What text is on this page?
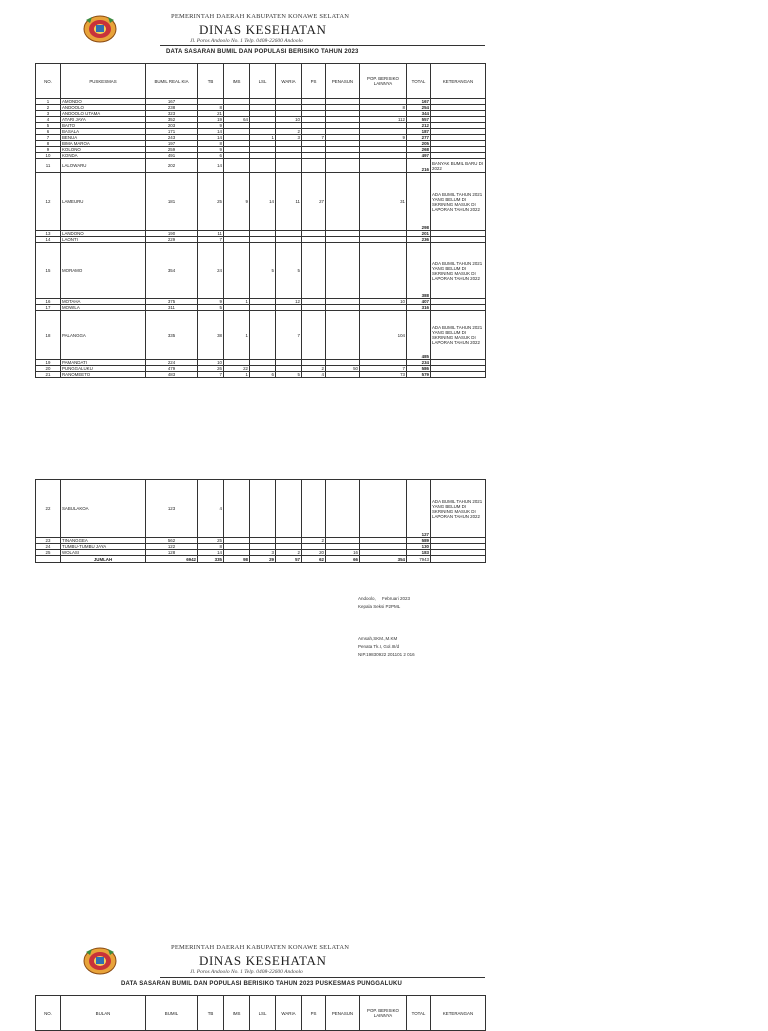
PEMERINTAH DAERAH KABUPATEN KONAWE SELATAN
DINAS KESEHATAN
Jl. Poros Andoolo No. 1 Telp. 0408-22600 Andoolo
DATA SASARAN BUMIL DAN POPULASI BERISIKO TAHUN 2023
NO.	PUSKESMAS	BUMIL REAL KIA	TB	IMS	LSL	WARIA	PS	PENASUN	POP. BERISIKO LAINNYA	TOTAL	KETERANGAN
1	AMONDO	167								167	
2	ANDOOLO	238	8						8	254	
3	ANDOOLO UTAMA	323	21							344	
4	ATARI JAYA	352	19	64		10			112	557	
5	BAITO	203	9							212	
6	BASALA	171	14			2				187	
7	BENUA	243	14		1	3	7		9	277	
8	BIMA MAROA	197	8							205	
9	KOLONO	259	9							268	
10	KONDA	491	6							497	
11	LALOWARU	202	14							216	BANYAK BUMIL BARU DI 2022
12	LAMEURU	181	25	9	14	11	27		31	298	ADA BUMIL TAHUN 2021 YANG BELUM DI SKRINING MASUK DI LAPORAN TAHUN 2022
13	LANDONO	190	11							201	
14	LAONTI	229	7							236	
15	MORAMO	354	24		5	5				388	ADA BUMIL TAHUN 2021 YANG BELUM DI SKRINING MASUK DI LAPORAN TAHUN 2022
16	MOTAHA	375	9	1		12			10	407	
17	MOWILA	311	5							316	
18	PALANGGA	335	38	1		7			104	485	ADA BUMIL TAHUN 2021 YANG BELUM DI SKRINING MASUK DI LAPORAN TAHUN 2022
19	PAMANDATI	224	10							234	
20	PUNGGALUKU	479	26	22			2	50	7	586	
21	RANOMEETO	483	7	1	6	5	4		73	579	
22	SABULAKOA	123	4							127	ADA BUMIL TAHUN 2021 YANG BELUM DI SKRINING MASUK DI LAPORAN TAHUN 2022
23	TINANGGEA	562	25				2			589	
24	TUMBU-TUMBU JAYA	122	8							130	
25	WOLASI	128	14		3	2	20	16		183	
	JUMLAH	6942	335	98	29	57	62	66	354	7943	
Andoolo,     Februari 2023
Kepala Seksi P2PML
Amsah,SKM.,M.KM
Penata Tk.I, Gol.III/d
NIP.19830922 201101 2 016
PEMERINTAH DAERAH KABUPATEN KONAWE SELATAN
DINAS KESEHATAN
Jl. Poros Andoolo No. 1 Telp. 0408-22600 Andoolo
DATA SASARAN BUMIL DAN POPULASI BERISIKO TAHUN 2023 PUSKESMAS PUNGGALUKU
NO.	BULAN	BUMIL	TB	IMS	LSL	WARIA	PS	PENASUN	POP. BERISIKO LAINNYA	TOTAL	KETERANGAN
